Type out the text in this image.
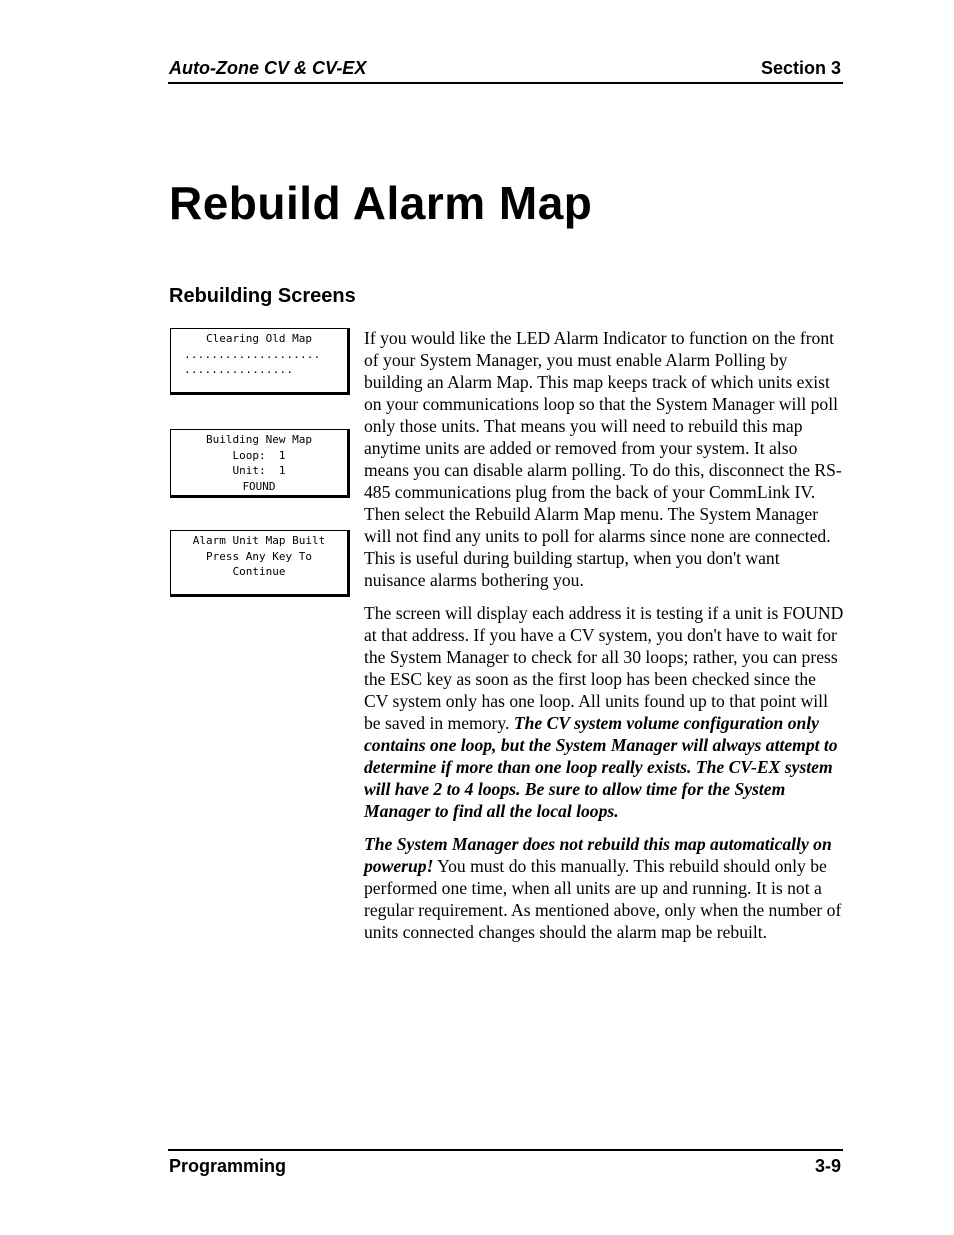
Auto-Zone CV & CV-EX	Section 3
Rebuild Alarm Map
Rebuilding Screens
Clearing Old Map
....................
................
Building New Map
Loop:  1
Unit:  1
FOUND
Alarm Unit Map Built
Press Any Key To
Continue

If you would like the LED Alarm Indicator to function on the front of your System Manager, you must enable Alarm Polling by building an Alarm Map. This map keeps track of which units exist on your communications loop so that the System Manager will poll only those units. That means you will need to rebuild this map anytime units are added or removed from your system. It also means you can disable alarm polling. To do this, disconnect the RS-485 communications plug from the back of your CommLink IV. Then select the Rebuild Alarm Map menu. The System Manager will not find any units to poll for alarms since none are connected. This is useful during building startup, when you don't want nuisance alarms bothering you.

The screen will display each address it is testing if a unit is FOUND at that address. If you have a CV system, you don't have to wait for the System Manager to check for all 30 loops; rather, you can press the ESC key as soon as the first loop has been checked since the CV system only has one loop. All units found up to that point will be saved in memory. The CV system volume configuration only contains one loop, but the System Manager will always attempt to determine if more than one loop really exists. The CV-EX system will have 2 to 4 loops. Be sure to allow time for the System Manager to find all the local loops.

The System Manager does not rebuild this map automatically on powerup! You must do this manually. This rebuild should only be performed one time, when all units are up and running. It is not a regular requirement. As mentioned above, only when the number of units connected changes should the alarm map be rebuilt.

Programming	3-9
